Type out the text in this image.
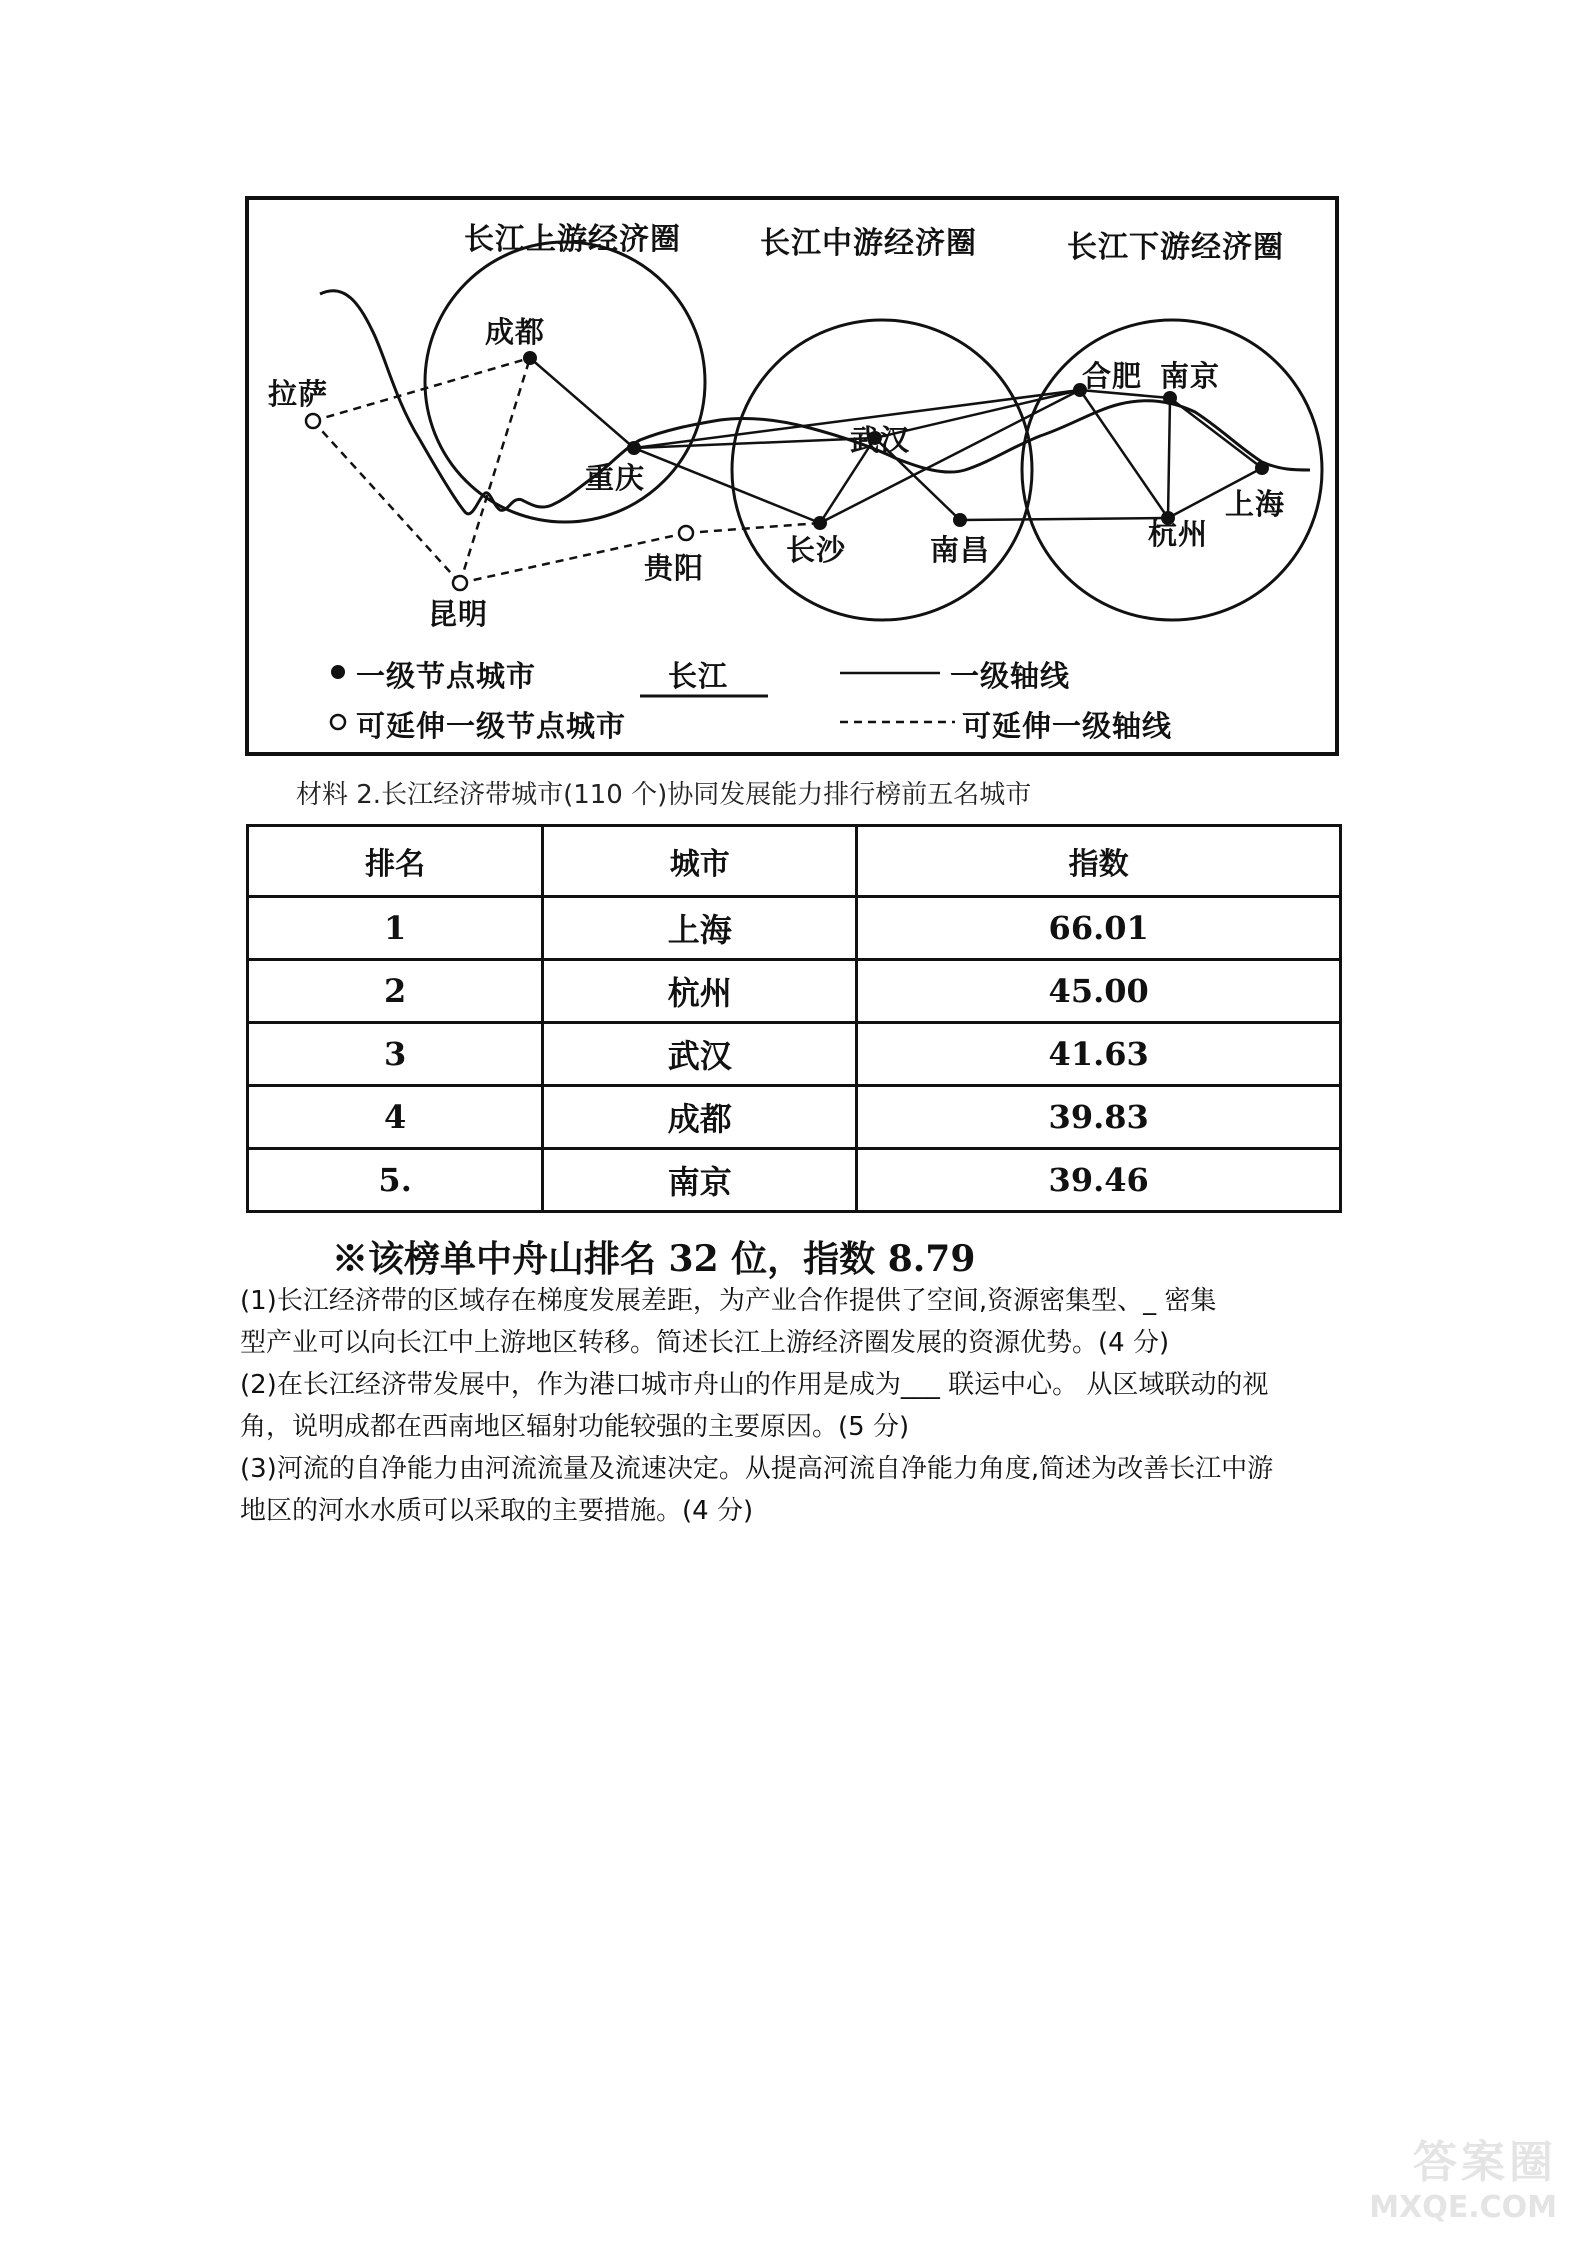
长江上游经济圈	长江中游经济圈	长江下游经济圈
成都
拉萨
重庆
昆明
贵阳
武汉
长沙	南昌
合肥 南京
杭州
上海
一级节点城市
可延伸一级节点城市
长江	一级轴线
可延伸一级轴线
材料 2.长江经济带城市(110 个)协同发展能力排行榜前五名城市
排名	城市	指数
1	上海	66.01
2	杭州	45.00
3	武汉	41.63
4	成都	39.83
5.	南京	39.46
※该榜单中舟山排名 32 位，指数 8.79
(1)长江经济带的区域存在梯度发展差距，为产业合作提供了空间,资源密集型、_ 密集
型产业可以向长江中上游地区转移。简述长江上游经济圈发展的资源优势。(4 分)
(2)在长江经济带发展中，作为港口城市舟山的作用是成为___ 联运中心。 从区域联动的视
角，说明成都在西南地区辐射功能较强的主要原因。(5 分)
(3)河流的自净能力由河流流量及流速决定。从提高河流自净能力角度,简述为改善长江中游
地区的河水水质可以采取的主要措施。(4 分)
答案圈
MXQE.COM
